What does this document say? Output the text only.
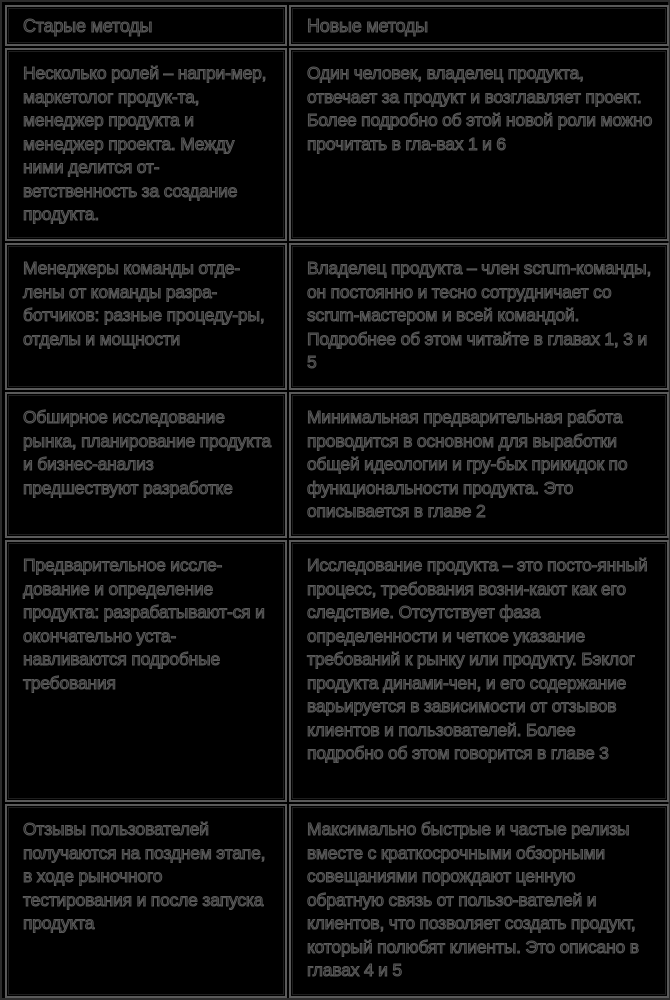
Старые методы	Новые методы
Несколько ролей – напри-мер, маркетолог продук-та, менеджер продукта и менеджер проекта. Между ними делится от-ветственность за создание продукта.
Один человек, владелец продукта, отвечает за продукт и возглавляет проект. Более подробно об этой новой роли можно прочитать в гла-вах 1 и 6
Менеджеры команды отде-лены от команды разра-ботчиков: разные процеду-ры, отделы и мощности
Владелец продукта – член scrum-команды, он постоянно и тесно сотрудничает со scrum-мастером и всей командой. Подробнее об этом читайте в главах 1, 3 и 5
Обширное исследование рынка, планирование продукта и бизнес-анализ предшествуют разработке
Минимальная предварительная работа проводится в основном для выработки общей идеологии и гру-бых прикидок по функциональности продукта. Это описывается в главе 2
Предварительное иссле-дование и определение продукта: разрабатывают-ся и окончательно уста-навливаются подробные требования
Исследование продукта – это посто-янный процесс, требования возни-кают как его следствие. Отсутствует фаза определенности и четкое указание требований к рынку или продукту. Бэклог продукта динами-чен, и его содержание варьируется в зависимости от отзывов клиентов и пользователей. Более подробно об этом говорится в главе 3
Отзывы пользователей получаются на позднем этапе, в ходе рыночного тестирования и после запуска продукта
Максимально быстрые и частые релизы вместе с краткосрочными обзорными совещаниями порождают ценную обратную связь от пользо-вателей и клиентов, что позволяет создать продукт, который полюбят клиенты. Это описано в главах 4 и 5
